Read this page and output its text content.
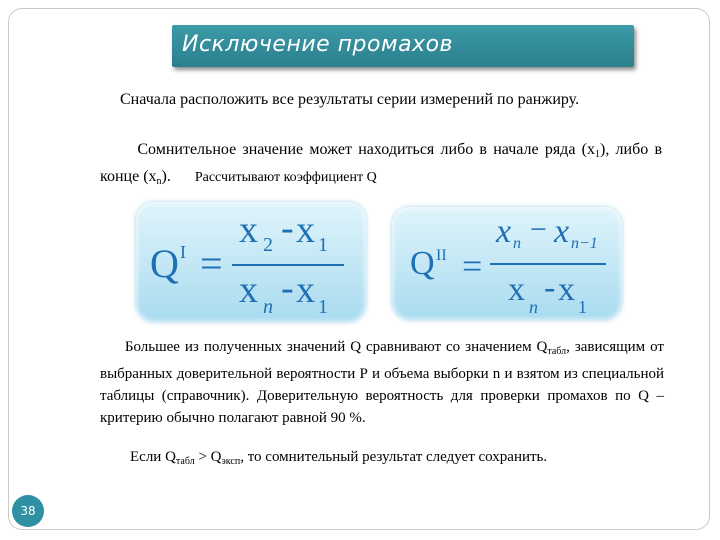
Исключение промахов
Сначала расположить все результаты серии измерений по ранжиру.
Сомнительное значение может находиться либо в начале ряда $(x_1)$, либо в конце $(x_n)$. Рассчитывают коэффициент Q
Q I =
x 2 - x 1
x n - x 1
Q II =
x n − x n−1
x n
- x 1
Большее из полученных значений Q сравнивают со значением $Q_{табл}$, зависящим от выбранных доверительной вероятности Р и объема выборки n и взятом из специальной таблицы (справочник). Доверительную вероятность для проверки промахов по Q – критерию обычно полагают равной 90 %.
Если $Q_{табл} > Q_{эксп}$, то сомнительный результат следует сохранить.
38
